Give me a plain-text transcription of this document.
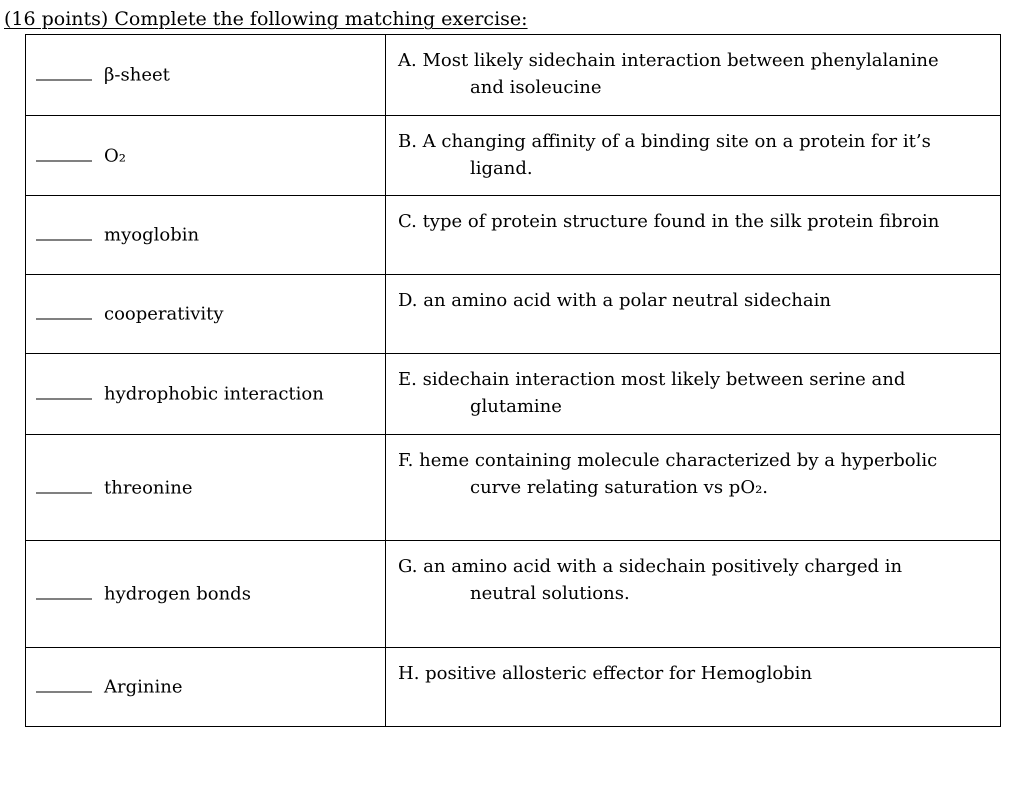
(16 points) Complete the following matching exercise:
β-sheet	A. Most likely sidechain interaction between phenylalanine
and isoleucine

O₂	B. A changing affinity of a binding site on a protein for it’s
ligand.

myoglobin	C. type of protein structure found in the silk protein fibroin

cooperativity	D. an amino acid with a polar neutral sidechain

hydrophobic interaction	E. sidechain interaction most likely between serine and
glutamine

threonine	F. heme containing molecule characterized by a hyperbolic
curve relating saturation vs pO₂.

hydrogen bonds	G. an amino acid with a sidechain positively charged in
neutral solutions.

Arginine	H. positive allosteric effector for Hemoglobin
